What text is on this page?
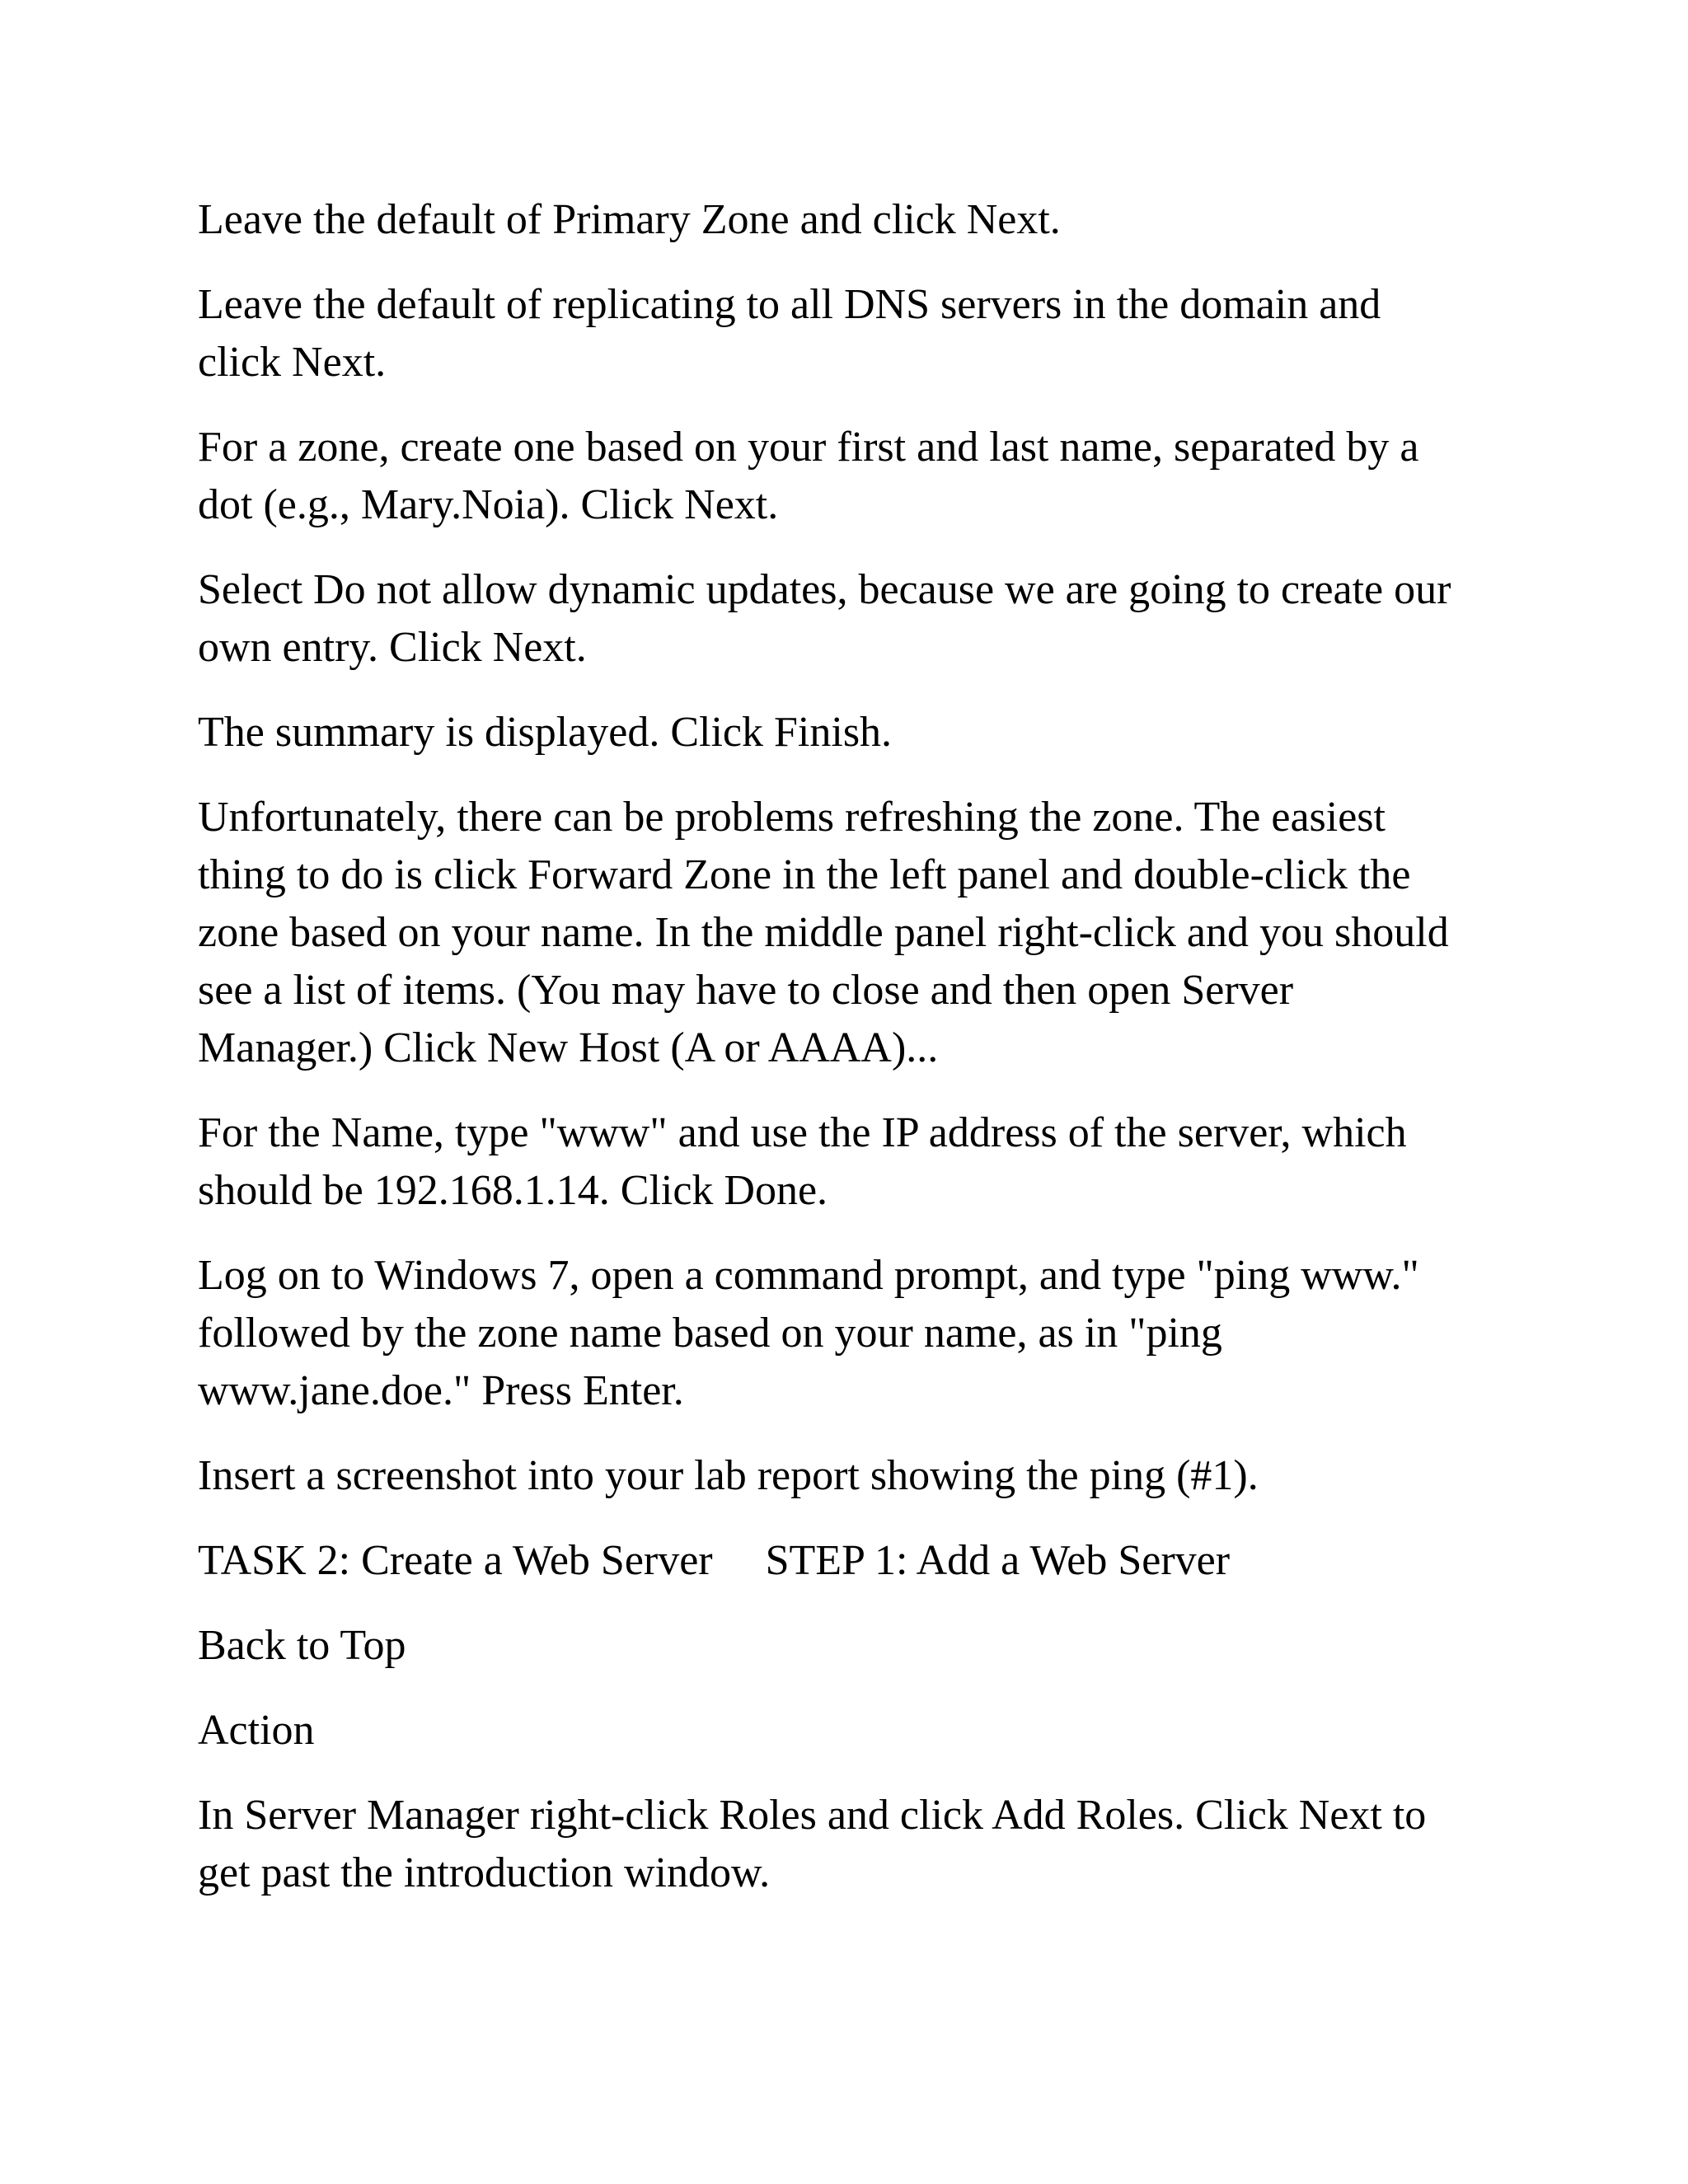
Leave the default of Primary Zone and click Next.

Leave the default of replicating to all DNS servers in the domain and
click Next.

For a zone, create one based on your first and last name, separated by a
dot (e.g., Mary.Noia). Click Next.

Select Do not allow dynamic updates, because we are going to create our
own entry. Click Next.

The summary is displayed. Click Finish.

Unfortunately, there can be problems refreshing the zone. The easiest
thing to do is click Forward Zone in the left panel and double-click the
zone based on your name. In the middle panel right-click and you should
see a list of items. (You may have to close and then open Server
Manager.) Click New Host (A or AAAA)...

For the Name, type "www" and use the IP address of the server, which
should be 192.168.1.14. Click Done.

Log on to Windows 7, open a command prompt, and type "ping www."
followed by the zone name based on your name, as in "ping
www.jane.doe." Press Enter.

Insert a screenshot into your lab report showing the ping (#1).

TASK 2: Create a Web Server STEP 1: Add a Web Server

Back to Top

Action

In Server Manager right-click Roles and click Add Roles. Click Next to
get past the introduction window.
